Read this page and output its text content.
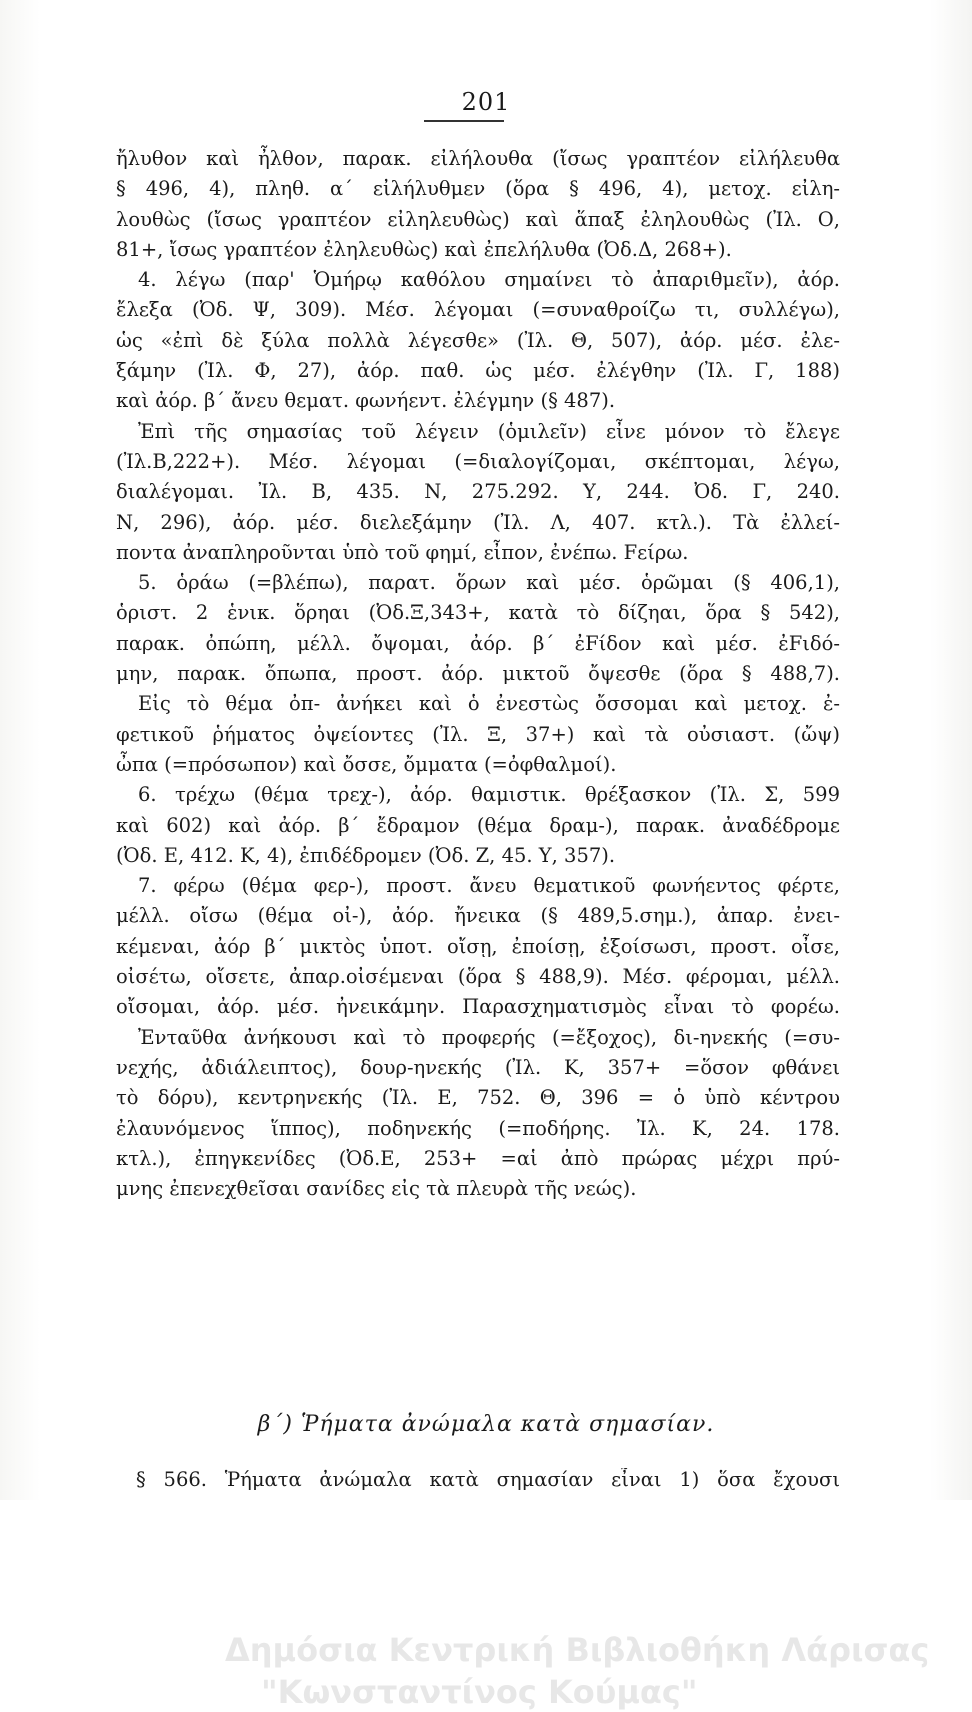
201
ἤλυθον καὶ ἦλθον, παρακ. εἰλήλουθα (ἴσως γραπτέον εἰλήλευθα
§ 496, 4), πληθ. α΄ εἰλήλυθμεν (ὅρα § 496, 4), μετοχ. εἰλη-
λουθὼς (ἴσως γραπτέον εἰληλευθὼς) καὶ ἅπαξ ἐληλουθὼς (Ἰλ. Ο,
81+, ἴσως γραπτέον ἐληλευθὼς) καὶ ἐπελήλυθα (Ὀδ.Δ, 268+).
4. λέγω (παρ' Ὁμήρῳ καθόλου σημαίνει τὸ ἀπαριθμεῖν), ἀόρ.
ἔλεξα (Ὀδ. Ψ, 309). Μέσ. λέγομαι (=συναθροίζω τι, συλλέγω),
ὡς «ἐπὶ δὲ ξύλα πολλὰ λέγεσθε» (Ἰλ. Θ, 507), ἀόρ. μέσ. ἐλε-
ξάμην (Ἰλ. Φ, 27), ἀόρ. παθ. ὡς μέσ. ἐλέγθην (Ἰλ. Γ, 188)
καὶ ἀόρ. β΄ ἄνευ θεματ. φωνήεντ. ἐλέγμην (§ 487).
Ἐπὶ τῆς σημασίας τοῦ λέγειν (ὁμιλεῖν) εἶνε μόνον τὸ ἔλεγε
(Ἰλ.Β,222+). Μέσ. λέγομαι (=διαλογίζομαι, σκέπτομαι, λέγω,
διαλέγομαι. Ἰλ. Β, 435. Ν, 275.292. Υ, 244. Ὀδ. Γ, 240.
Ν, 296), ἀόρ. μέσ. διελεξάμην (Ἰλ. Λ, 407. κτλ.). Τὰ ἐλλεί-
ποντα ἀναπληροῦνται ὑπὸ τοῦ φημί, εἶπον, ἐνέπω. Fείρω.
5. ὁράω (=βλέπω), παρατ. ὅρων καὶ μέσ. ὁρῶμαι (§ 406,1),
ὁριστ. 2 ἑνικ. ὅρηαι (Ὀδ.Ξ,343+, κατὰ τὸ δίζηαι, ὅρα § 542),
παρακ. ὀπώπη, μέλλ. ὄψομαι, ἀόρ. β΄ ἐFίδον καὶ μέσ. ἐFιδό-
μην, παρακ. ὄπωπα, προστ. ἀόρ. μικτοῦ ὄψεσθε (ὅρα § 488,7).
Εἰς τὸ θέμα ὀπ- ἀνήκει καὶ ὁ ἐνεστὼς ὄσσομαι καὶ μετοχ. ἐ-
φετικοῦ ῥήματος ὀψείοντες (Ἰλ. Ξ, 37+) καὶ τὰ οὐσιαστ. (ὤψ)
ὦπα (=πρόσωπον) καὶ ὄσσε, ὄμματα (=ὀφθαλμοί).
6. τρέχω (θέμα τρεχ-), ἀόρ. θαμιστικ. θρέξασκον (Ἰλ. Σ, 599
καὶ 602) καὶ ἀόρ. β΄ ἔδραμον (θέμα δραμ-), παρακ. ἀναδέδρομε
(Ὀδ. Ε, 412. Κ, 4), ἐπιδέδρομεν (Ὀδ. Ζ, 45. Υ, 357).
7. φέρω (θέμα φερ-), προστ. ἄνευ θεματικοῦ φωνήεντος φέρτε,
μέλλ. οἴσω (θέμα οἰ-), ἀόρ. ἤνεικα (§ 489,5.σημ.), ἀπαρ. ἐνει-
κέμεναι, ἀόρ β΄ μικτὸς ὑποτ. οἴσῃ, ἐποίσῃ, ἐξοίσωσι, προστ. οἶσε,
οἰσέτω, οἴσετε, ἀπαρ.οἰσέμεναι (ὅρα § 488,9). Μέσ. φέρομαι, μέλλ.
οἴσομαι, ἀόρ. μέσ. ἠνεικάμην. Παρασχηματισμὸς εἶναι τὸ φορέω.
Ἐνταῦθα ἀνήκουσι καὶ τὸ προφερής (=ἔξοχος), δι-ηνεκής (=συ-
νεχής, ἀδιάλειπτος), δουρ-ηνεκής (Ἰλ. Κ, 357+ =ὅσον φθάνει
τὸ δόρυ), κεντρηνεκής (Ἰλ. Ε, 752. Θ, 396 = ὁ ὑπὸ κέντρου
ἐλαυνόμενος ἵππος), ποδηνεκής (=ποδήρης. Ἰλ. Κ, 24. 178.
κτλ.), ἐπηγκενίδες (Ὀδ.Ε, 253+ =αἱ ἀπὸ πρώρας μέχρι πρύ-
μνης ἐπενεχθεῖσαι σανίδες εἰς τὰ πλευρὰ τῆς νεώς).
β΄) Ῥήματα ἀνώμαλα κατὰ σημασίαν.
§ 566. Ῥήματα ἀνώμαλα κατὰ σημασίαν εἶναι 1) ὅσα ἔχουσι
Δημόσια Κεντρική Βιβλιοθήκη Λάρισας
"Κωνσταντίνος Κούμας"
